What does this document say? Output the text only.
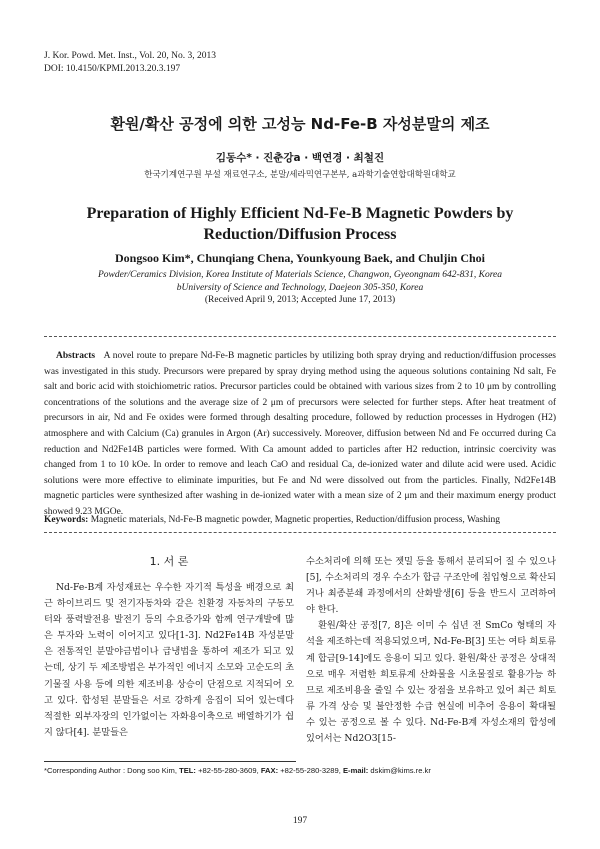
J. Kor. Powd. Met. Inst., Vol. 20, No. 3, 2013
DOI: 10.4150/KPMI.2013.20.3.197
환원/확산 공정에 의한 고성능 Nd-Fe-B 자성분말의 제조
김동수* · 진춘강a · 백연경 · 최철진
한국기계연구원 부설 재료연구소, 분말/세라믹연구본부, a과학기술연합대학원대학교
Preparation of Highly Efficient Nd-Fe-B Magnetic Powders by
Reduction/Diffusion Process
Dongsoo Kim*, Chunqiang Chena, Younkyoung Baek, and Chuljin Choi
Powder/Ceramics Division, Korea Institute of Materials Science, Changwon, Gyeongnam 642-831, Korea
bUniversity of Science and Technology, Daejeon 305-350, Korea
(Received April 9, 2013; Accepted June 17, 2013)

Abstracts A novel route to prepare Nd-Fe-B magnetic particles by utilizing both spray drying and reduction/diffusion processes was investigated in this study. Precursors were prepared by spray drying method using the aqueous solutions containing Nd salt, Fe salt and boric acid with stoichiometric ratios. Precursor particles could be obtained with various sizes from 2 to 10 μm by controlling concentrations of the solutions and the average size of 2 μm of precursors were selected for further steps. After heat treatment of precursors in air, Nd and Fe oxides were formed through desalting procedure, followed by reduction processes in Hydrogen (H2) atmosphere and with Calcium (Ca) granules in Argon (Ar) successively. Moreover, diffusion between Nd and Fe occurred during Ca reduction and Nd2Fe14B particles were formed. With Ca amount added to particles after H2 reduction, intrinsic coercivity was changed from 1 to 10 kOe. In order to remove and leach CaO and residual Ca, de-ionized water and dilute acid were used. Acidic solutions were more effective to eliminate impurities, but Fe and Nd were dissolved out from the particles. Finally, Nd2Fe14B magnetic particles were synthesized after washing in de-ionized water with a mean size of 2 μm and their maximum energy product showed 9.23 MGOe.

Keywords: Magnetic materials, Nd-Fe-B magnetic powder, Magnetic properties, Reduction/diffusion process, Washing
1. 서 론

Nd-Fe-B계 자성재료는 우수한 자기적 특성을 배경으로 최근 하이브리드 및 전기자동차와 같은 친환경 자동차의 구동모터와 풍력발전용 발전기 등의 수요증가와 함께 연구개발에 많은 투자와 노력이 이어지고 있다[1-3]. Nd2Fe14B 자성분말은 전통적인 분말야금법이나 급냉법을 통하여 제조가 되고 있는데, 상기 두 제조방법은 부가적인 에너지 소모와 고순도의 초기물질 사용 등에 의한 제조비용 상승이 단점으로 지적되어 오고 있다. 합성된 분말들은 서로 강하게 응집이 되어 있는데다 적절한 외부자장의 인가없이는 자화용이축으로 배열하기가 쉽지 않다[4]. 분말들은

수소처리에 의해 또는 젯밀 등을 통해서 분리되어 질 수 있으나[5], 수소처리의 경우 수소가 합금 구조안에 침입형으로 확산되거나 최종분쇄 과정에서의 산화발생[6] 등을 반드시 고려하여야 한다.

환원/확산 공정[7, 8]은 이미 수 십년 전 SmCo 형태의 자석을 제조하는데 적용되었으며, Nd-Fe-B[3] 또는 여타 희토류계 합금[9-14]에도 응용이 되고 있다. 환원/확산 공정은 상대적으로 매우 저렴한 희토류계 산화물을 시초물질로 활용가능 하므로 제조비용을 줄일 수 있는 장점을 보유하고 있어 최근 희토류 가격 상승 및 불안정한 수급 현실에 비추어 응용이 확대될 수 있는 공정으로 볼 수 있다. Nd-Fe-B계 자성소재의 합성에 있어서는 Nd2O3[15-

*Corresponding Author : Dong soo Kim, TEL: +82-55-280-3609, FAX: +82-55-280-3289, E-mail: dskim@kims.re.kr
197
